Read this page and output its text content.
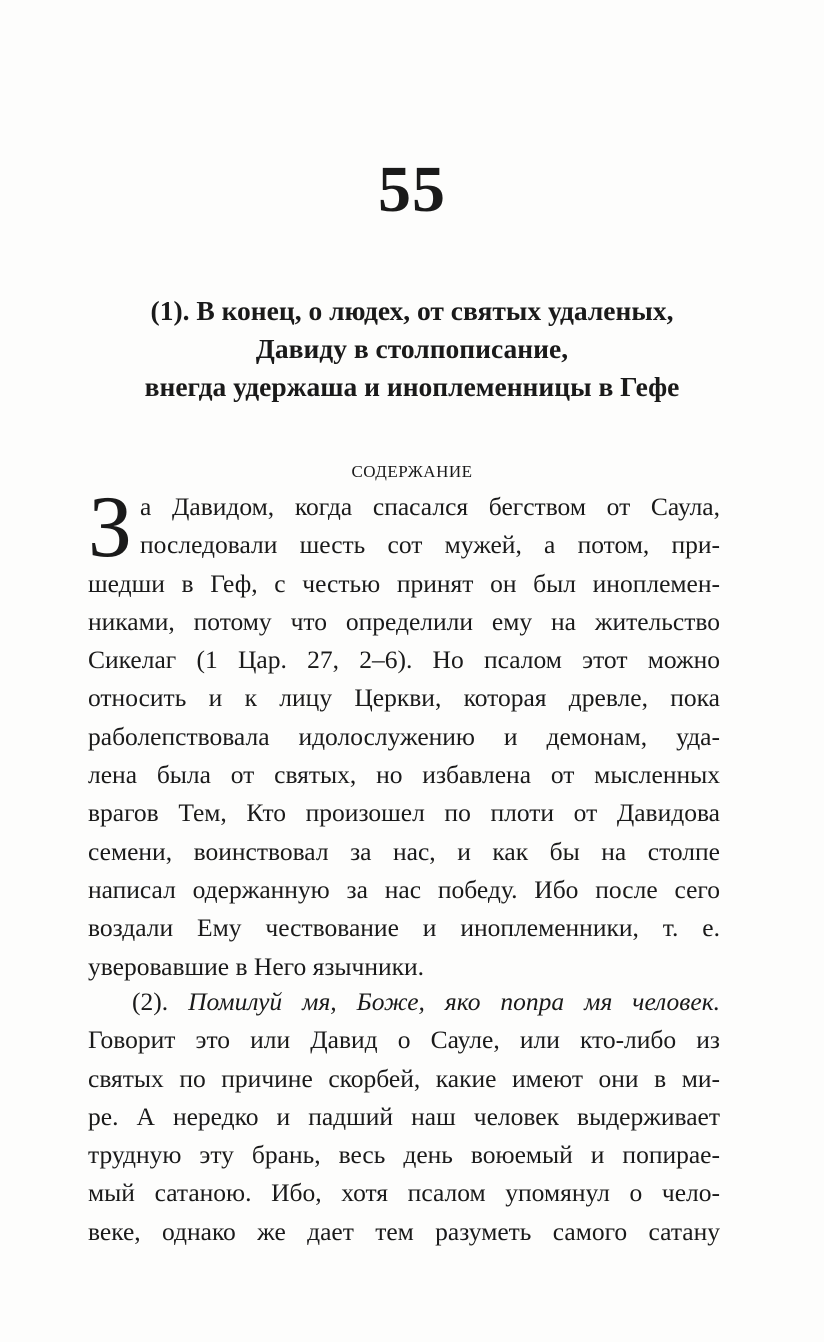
55
(1). В конец, о людех, от святых удаленых,
Давиду в столпописание,
внегда удержаша и иноплеменницы в Гефе
СОДЕРЖАНИЕ
З а Давидом, когда спасался бегством от Саула,
последовали шесть сот мужей, а потом, при-
шедши в Геф, с честью принят он был иноплемен-
никами, потому что определили ему на жительство
Сикелаг (1 Цар. 27, 2–6). Но псалом этот можно
относить и к лицу Церкви, которая древле, пока
раболепствовала идолослужению и демонам, уда-
лена была от святых, но избавлена от мысленных
врагов Тем, Кто произошел по плоти от Давидова
семени, воинствовал за нас, и как бы на столпе
написал одержанную за нас победу. Ибо после сего
воздали Ему чествование и иноплеменники, т. е.
уверовавшие в Него язычники.
(2). Помилуй мя, Боже, яко попра мя человек.
Говорит это или Давид о Сауле, или кто-либо из
святых по причине скорбей, какие имеют они в ми-
ре. А нередко и падший наш человек выдерживает
трудную эту брань, весь день воюемый и попирае-
мый сатаною. Ибо, хотя псалом упомянул о чело-
веке, однако же дает тем разуметь самого сатану
